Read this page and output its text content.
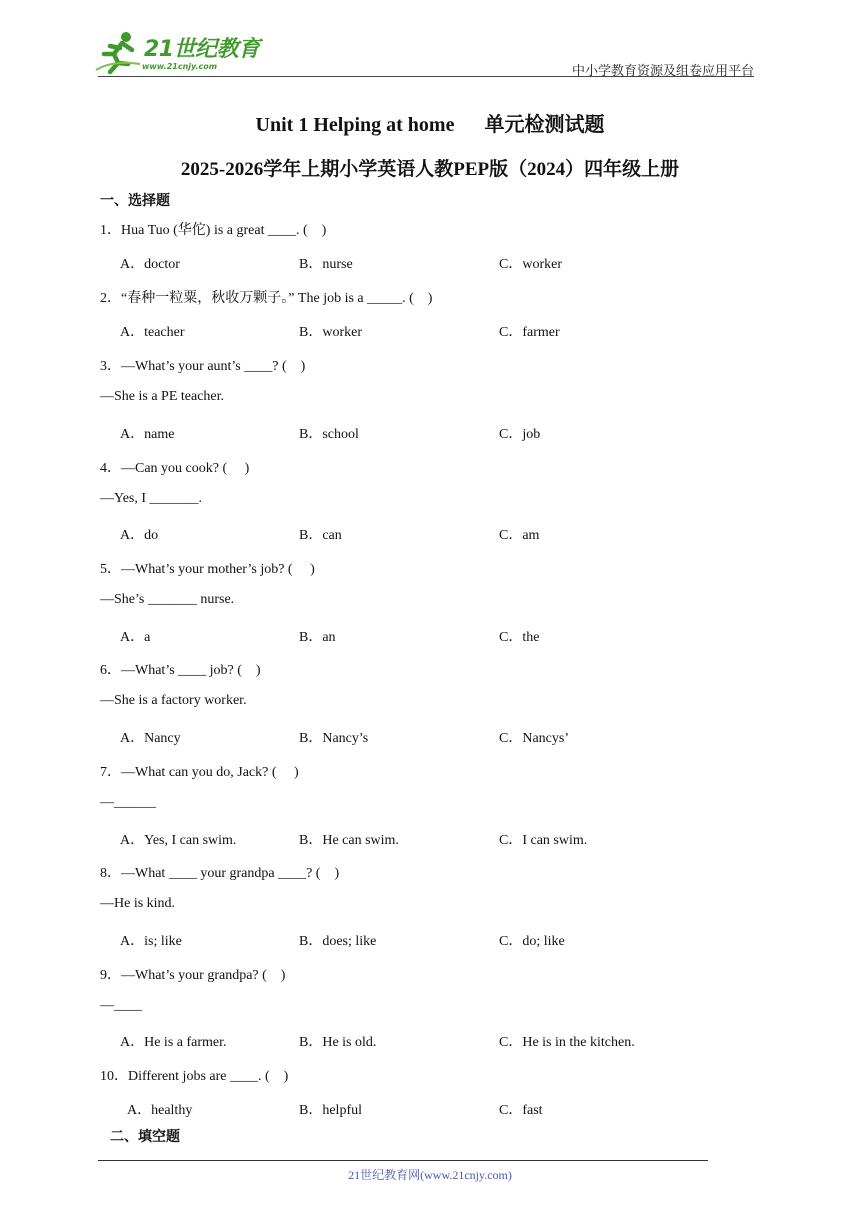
21世纪教育
www.21cnjy.com	中小学教育资源及组卷应用平台
Unit 1 Helping at home 单元检测试题
2025-2026学年上期小学英语人教PEP版（2024）四年级上册
一、选择题
1．Hua Tuo (华佗) is a great ____. (    )
A．doctor	B．nurse	C．worker
2．“春种一粒粟，秋收万颗子。” The job is a _____. (    )
A．teacher	B．worker	C．farmer
3．—What’s your aunt’s ____? (    )
—She is a PE teacher.
A．name	B．school	C．job
4．—Can you cook? (     )
—Yes, I _______.
A．do	B．can	C．am
5．—What’s your mother’s job? (     )
—She’s _______ nurse.
A．a	B．an	C．the
6．—What’s ____ job? (    )
—She is a factory worker.
A．Nancy	B．Nancy’s	C．Nancys’
7．—What can you do, Jack? (     )
—______
A．Yes, I can swim.	B．He can swim.	C．I can swim.
8．—What ____ your grandpa ____? (    )
—He is kind.
A．is; like	B．does; like	C．do; like
9．—What’s your grandpa? (    )
—____
A．He is a farmer.	B．He is old.	C．He is in the kitchen.
10．Different jobs are ____. (    )
A．healthy	B．helpful	C．fast
二、填空题
21世纪教育网(www.21cnjy.com)
